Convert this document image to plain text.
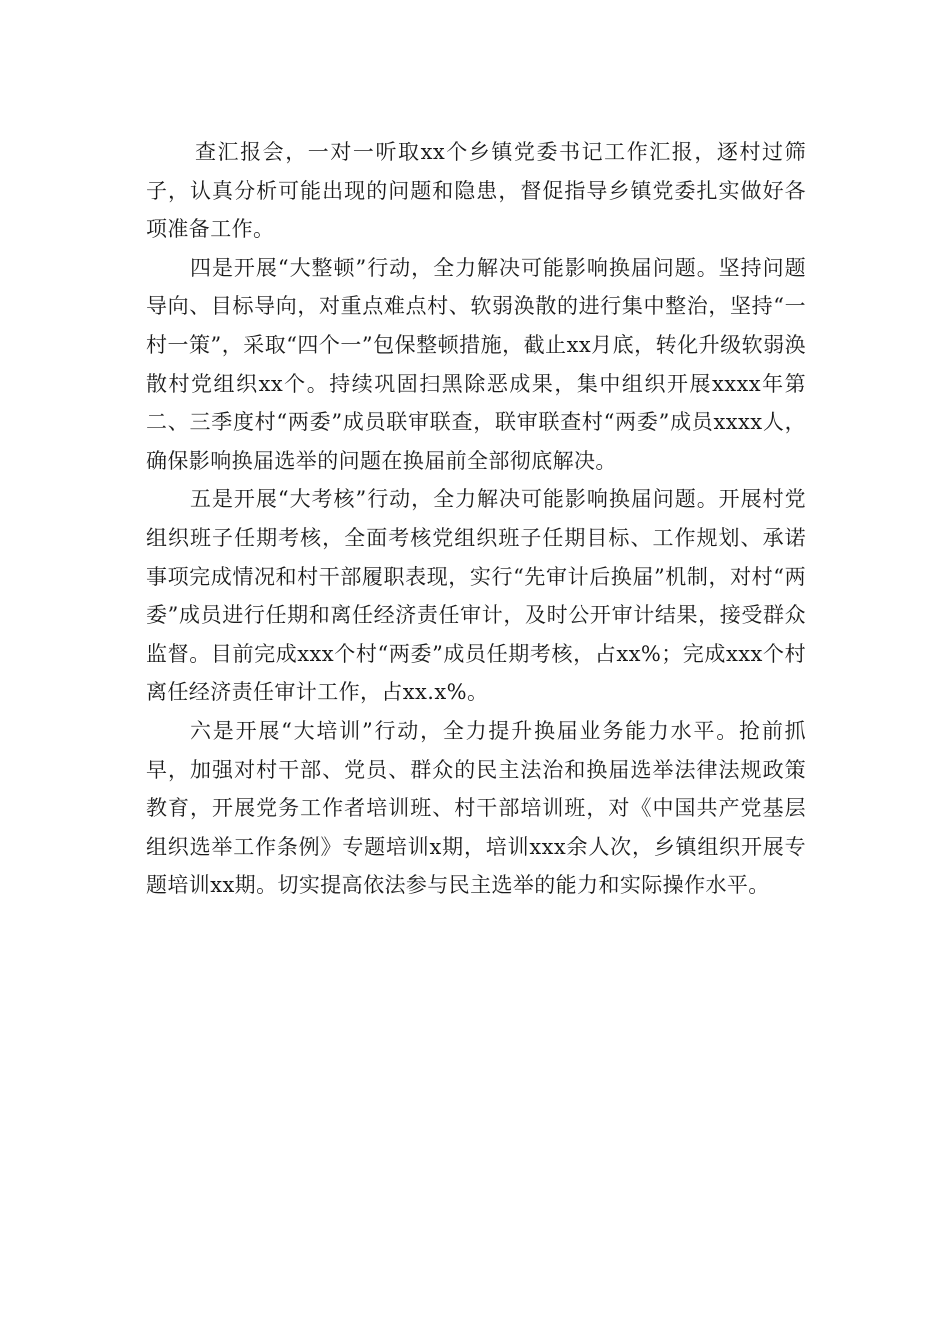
查汇报会，一对一听取xx个乡镇党委书记工作汇报，逐村过筛子，认真分析可能出现的问题和隐患，督促指导乡镇党委扎实做好各项准备工作。

四是开展“大整顿”行动，全力解决可能影响换届问题。坚持问题导向、目标导向，对重点难点村、软弱涣散的进行集中整治，坚持“一村一策”，采取“四个一”包保整顿措施，截止xx月底，转化升级软弱涣散村党组织xx个。持续巩固扫黑除恶成果，集中组织开展xxxx年第二、三季度村“两委”成员联审联查，联审联查村“两委”成员xxxx人，确保影响换届选举的问题在换届前全部彻底解决。

五是开展“大考核”行动，全力解决可能影响换届问题。开展村党组织班子任期考核，全面考核党组织班子任期目标、工作规划、承诺事项完成情况和村干部履职表现，实行“先审计后换届”机制，对村“两委”成员进行任期和离任经济责任审计，及时公开审计结果，接受群众监督。目前完成xxx个村“两委”成员任期考核，占xx%；完成xxx个村离任经济责任审计工作，占xx.x%。

六是开展“大培训”行动，全力提升换届业务能力水平。抢前抓早，加强对村干部、党员、群众的民主法治和换届选举法律法规政策教育，开展党务工作者培训班、村干部培训班，对《中国共产党基层组织选举工作条例》专题培训x期，培训xxx余人次，乡镇组织开展专题培训xx期。切实提高依法参与民主选举的能力和实际操作水平。
